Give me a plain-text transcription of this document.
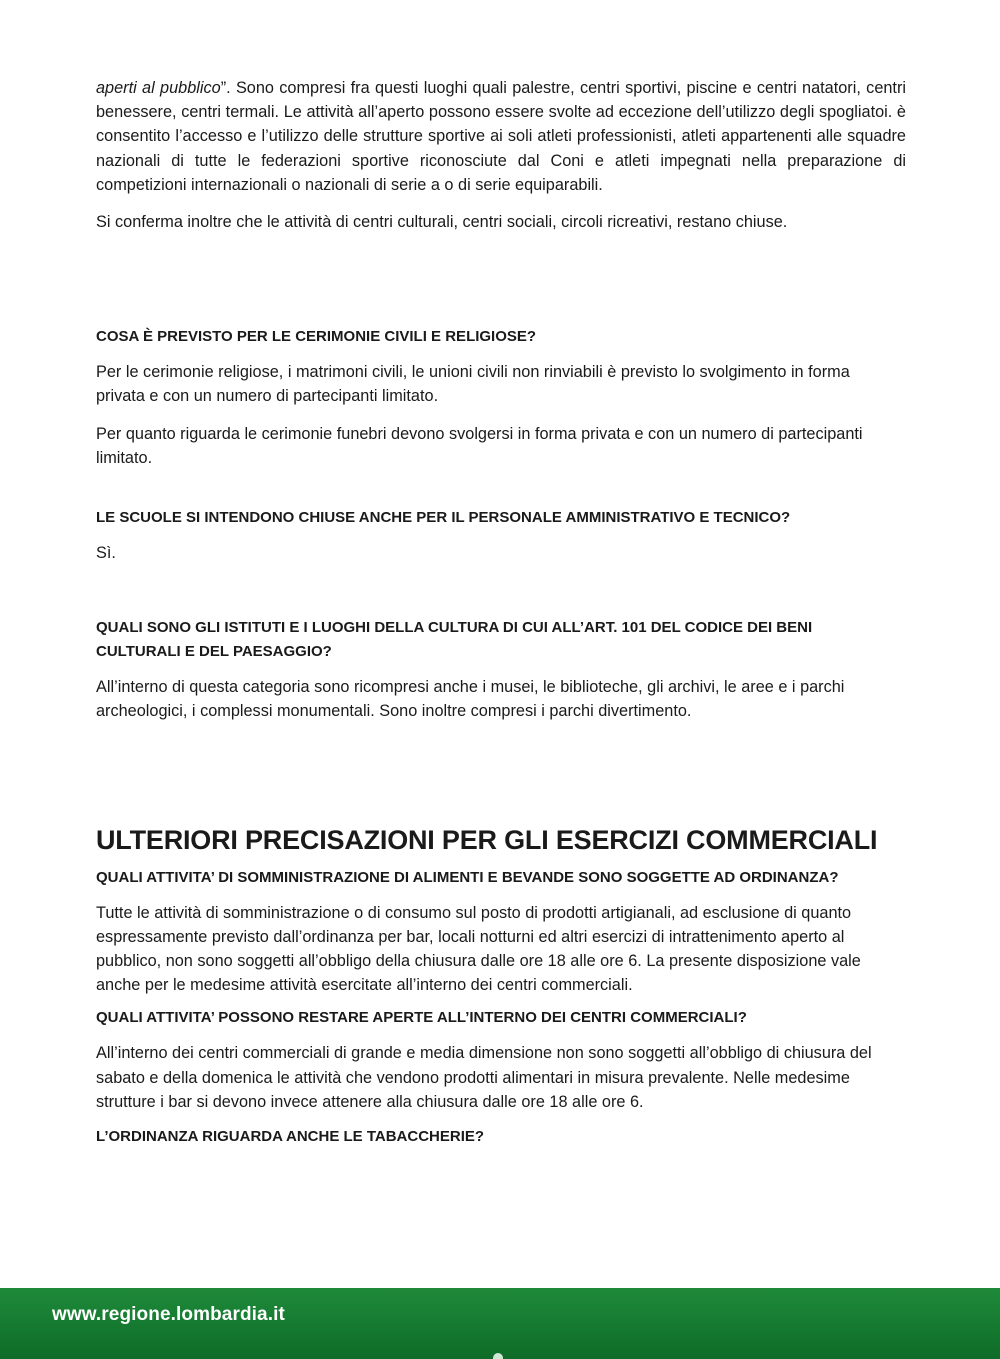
aperti al pubblico”. Sono compresi fra questi luoghi quali palestre, centri sportivi, piscine e centri natatori, centri benessere, centri termali. Le attività all’aperto possono essere svolte ad eccezione dell’utilizzo degli spogliatoi. è consentito l’accesso e l’utilizzo delle strutture sportive ai soli atleti professionisti, atleti appartenenti alle squadre nazionali di tutte le federazioni sportive riconosciute dal Coni e atleti impegnati nella preparazione di competizioni internazionali o nazionali di serie a o di serie equiparabili.

Si conferma inoltre che le attività di centri culturali, centri sociali, circoli ricreativi, restano chiuse.

COSA È PREVISTO PER LE CERIMONIE CIVILI E RELIGIOSE?

Per le cerimonie religiose, i matrimoni civili, le unioni civili non rinviabili è previsto lo svolgimento in forma privata e con un numero di partecipanti limitato.

Per quanto riguarda le cerimonie funebri devono svolgersi in forma privata e con un numero di partecipanti limitato.

LE SCUOLE SI INTENDONO CHIUSE ANCHE PER IL PERSONALE AMMINISTRATIVO E TECNICO?

Sì.

QUALI SONO GLI ISTITUTI E I LUOGHI DELLA CULTURA DI CUI ALL’ART. 101 DEL CODICE DEI BENI
CULTURALI E DEL PAESAGGIO?

All’interno di questa categoria sono ricompresi anche i musei, le biblioteche, gli archivi, le aree e i parchi archeologici, i complessi monumentali. Sono inoltre compresi i parchi divertimento.

ULTERIORI PRECISAZIONI PER GLI ESERCIZI COMMERCIALI

QUALI ATTIVITA’ DI SOMMINISTRAZIONE DI ALIMENTI E BEVANDE SONO SOGGETTE AD ORDINANZA?

Tutte le attività di somministrazione o di consumo sul posto di prodotti artigianali, ad esclusione di quanto espressamente previsto dall’ordinanza per bar, locali notturni ed altri esercizi di intrattenimento aperto al pubblico, non sono soggetti all’obbligo della chiusura dalle ore 18 alle ore 6. La presente disposizione vale anche per le medesime attività esercitate all’interno dei centri commerciali.

QUALI ATTIVITA’ POSSONO RESTARE APERTE ALL’INTERNO DEI CENTRI COMMERCIALI?

All’interno dei centri commerciali di grande e media dimensione non sono soggetti all’obbligo di chiusura del sabato e della domenica le attività che vendono prodotti alimentari in misura prevalente. Nelle medesime strutture i bar si devono invece attenere alla chiusura dalle ore 18 alle ore 6.

L’ORDINANZA RIGUARDA ANCHE LE TABACCHERIE?

www.regione.lombardia.it
